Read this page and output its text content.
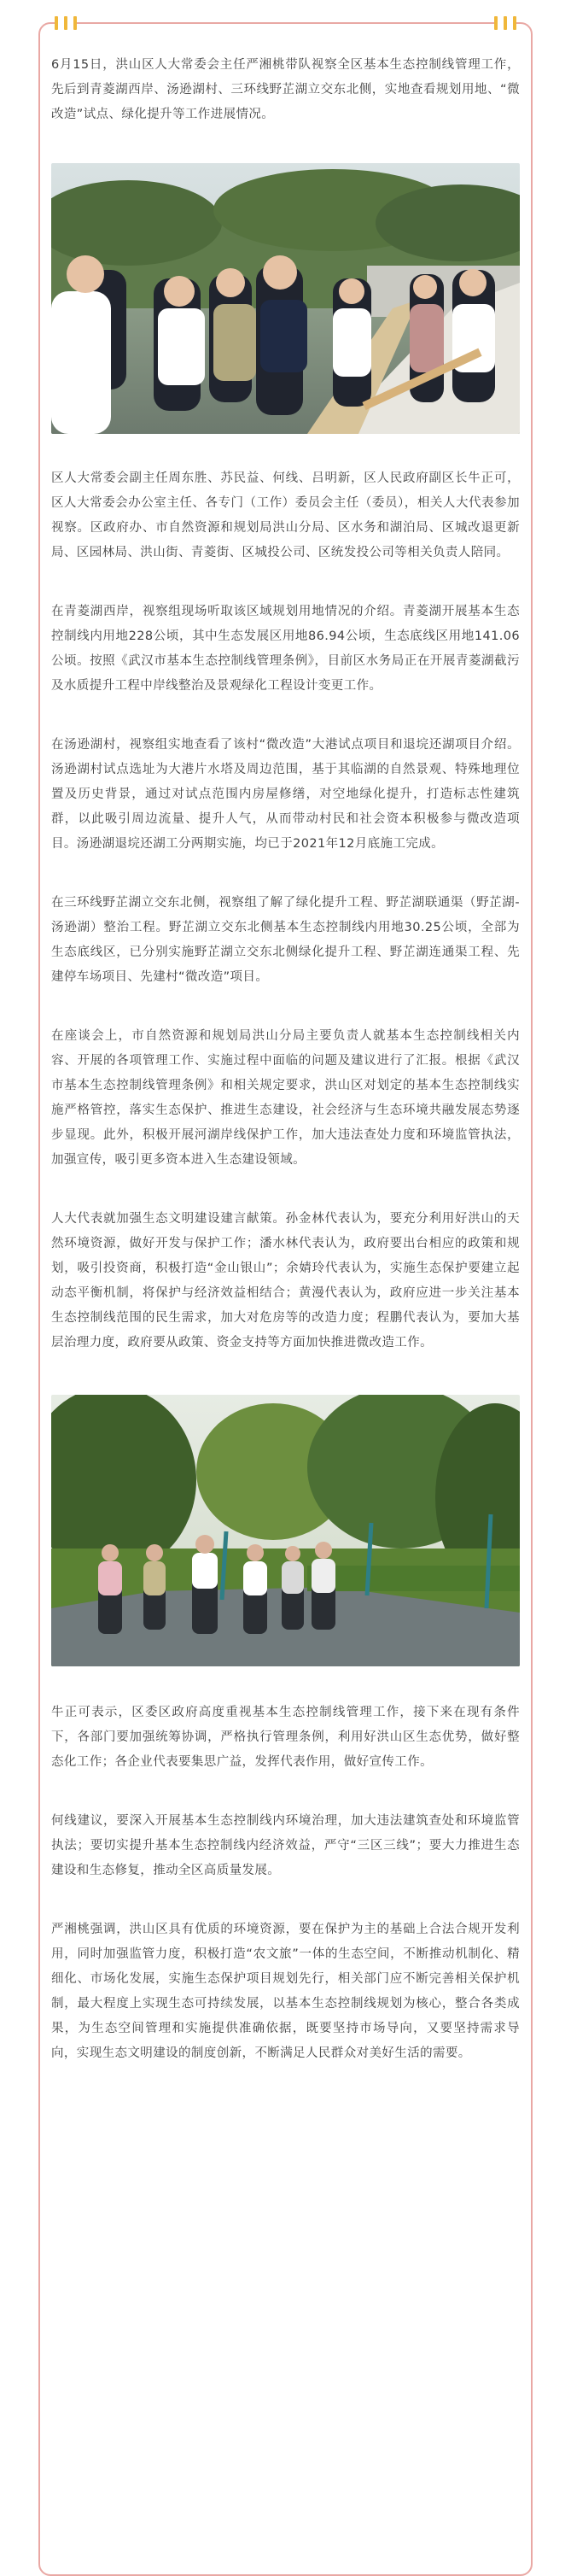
6月15日，洪山区人大常委会主任严湘桃带队视察全区基本生态控制线管理工作，先后到青菱湖西岸、汤逊湖村、三环线野芷湖立交东北侧，实地查看规划用地、“微改造”试点、绿化提升等工作进展情况。

区人大常委会副主任周东胜、苏民益、何线、吕明新，区人民政府副区长牛正可，区人大常委会办公室主任、各专门（工作）委员会主任（委员），相关人大代表参加视察。区政府办、市自然资源和规划局洪山分局、区水务和湖泊局、区城改退更新局、区园林局、洪山街、青菱街、区城投公司、区统发投公司等相关负责人陪同。

在青菱湖西岸，视察组现场听取该区域规划用地情况的介绍。青菱湖开展基本生态控制线内用地228公顷，其中生态发展区用地86.94公顷，生态底线区用地141.06公顷。按照《武汉市基本生态控制线管理条例》，目前区水务局正在开展青菱湖截污及水质提升工程中岸线整治及景观绿化工程设计变更工作。

在汤逊湖村，视察组实地查看了该村“微改造”大港试点项目和退垸还湖项目介绍。汤逊湖村试点选址为大港片水塔及周边范围，基于其临湖的自然景观、特殊地理位置及历史背景，通过对试点范围内房屋修缮，对空地绿化提升，打造标志性建筑群，以此吸引周边流量、提升人气，从而带动村民和社会资本积极参与微改造项目。汤逊湖退垸还湖工分两期实施，均已于2021年12月底施工完成。

在三环线野芷湖立交东北侧，视察组了解了绿化提升工程、野芷湖联通渠（野芷湖-汤逊湖）整治工程。野芷湖立交东北侧基本生态控制线内用地30.25公顷，全部为生态底线区，已分别实施野芷湖立交东北侧绿化提升工程、野芷湖连通渠工程、先建停车场项目、先建村“微改造”项目。

在座谈会上，市自然资源和规划局洪山分局主要负责人就基本生态控制线相关内容、开展的各项管理工作、实施过程中面临的问题及建议进行了汇报。根据《武汉市基本生态控制线管理条例》和相关规定要求，洪山区对划定的基本生态控制线实施严格管控，落实生态保护、推进生态建设，社会经济与生态环境共融发展态势逐步显现。此外，积极开展河湖岸线保护工作，加大违法查处力度和环境监管执法，加强宣传，吸引更多资本进入生态建设领域。

人大代表就加强生态文明建设建言献策。孙金林代表认为，要充分利用好洪山的天然环境资源，做好开发与保护工作；潘水林代表认为，政府要出台相应的政策和规划，吸引投资商，积极打造“金山银山”；余婧玲代表认为，实施生态保护要建立起动态平衡机制，将保护与经济效益相结合；黄漫代表认为，政府应进一步关注基本生态控制线范围的民生需求，加大对危房等的改造力度；程鹏代表认为，要加大基层治理力度，政府要从政策、资金支持等方面加快推进微改造工作。

牛正可表示，区委区政府高度重视基本生态控制线管理工作，接下来在现有条件下，各部门要加强统筹协调，严格执行管理条例，利用好洪山区生态优势，做好整态化工作；各企业代表要集思广益，发挥代表作用，做好宣传工作。

何线建议，要深入开展基本生态控制线内环境治理，加大违法建筑查处和环境监管执法；要切实提升基本生态控制线内经济效益，严守“三区三线”；要大力推进生态建设和生态修复，推动全区高质量发展。

严湘桃强调，洪山区具有优质的环境资源，要在保护为主的基础上合法合规开发利用，同时加强监管力度，积极打造“农文旅”一体的生态空间，不断推动机制化、精细化、市场化发展，实施生态保护项目规划先行，相关部门应不断完善相关保护机制，最大程度上实现生态可持续发展，以基本生态控制线规划为核心，整合各类成果，为生态空间管理和实施提供准确依据，既要坚持市场导向，又要坚持需求导向，实现生态文明建设的制度创新，不断满足人民群众对美好生活的需要。
